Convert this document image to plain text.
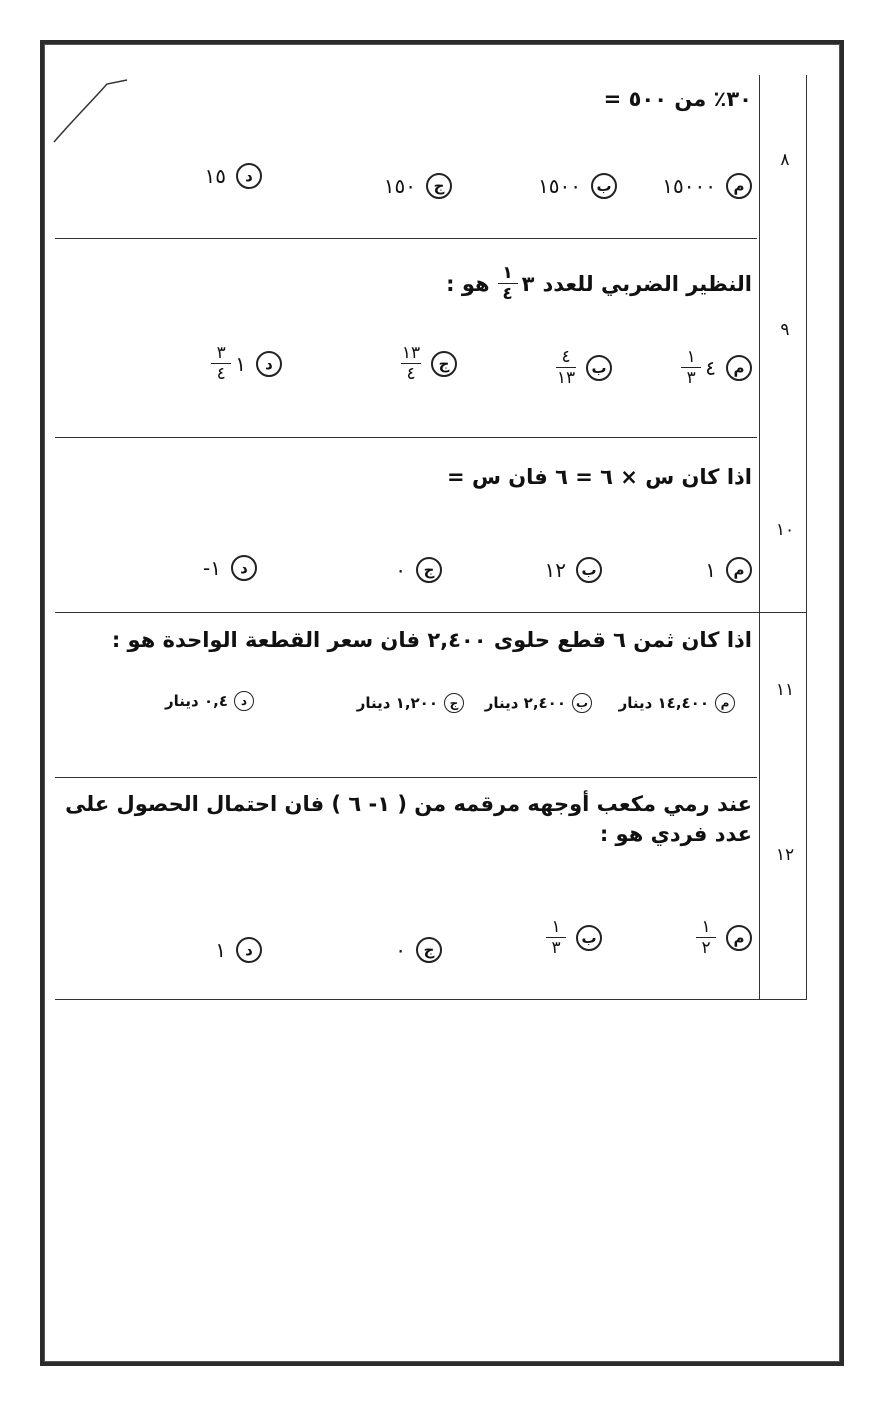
٨
٣٠٪ من ٥٠٠ =
م
١٥٠٠٠
ب
١٥٠٠
ج
١٥٠
د
١٥
٩
النظير الضربي للعدد
$\frac{١}{٤}$ ٣
هو :
م
$\frac{١}{٣}$ ٤
ب
$\frac{٤}{١٣}$
ج
$\frac{١٣}{٤}$
د
$\frac{٣}{٤}$ ١
١٠
اذا كان س × ٦ = ٦ فان س =
م
١
ب
١٢
ج
٠
د
١-
١١
اذا كان ثمن ٦ قطع حلوى ٢,٤٠٠ فان سعر القطعة الواحدة هو :
م
١٤,٤٠٠ دينار
ب
٢,٤٠٠ دينار
ج
١,٢٠٠ دينار
د
٠,٤ دينار
١٢
عند رمي مكعب أوجهه مرقمه من ( ١- ٦ ) فان احتمال الحصول على عدد فردي هو :
م
$\frac{١}{٢}$
ب
$\frac{١}{٣}$
ج
٠
د
١
